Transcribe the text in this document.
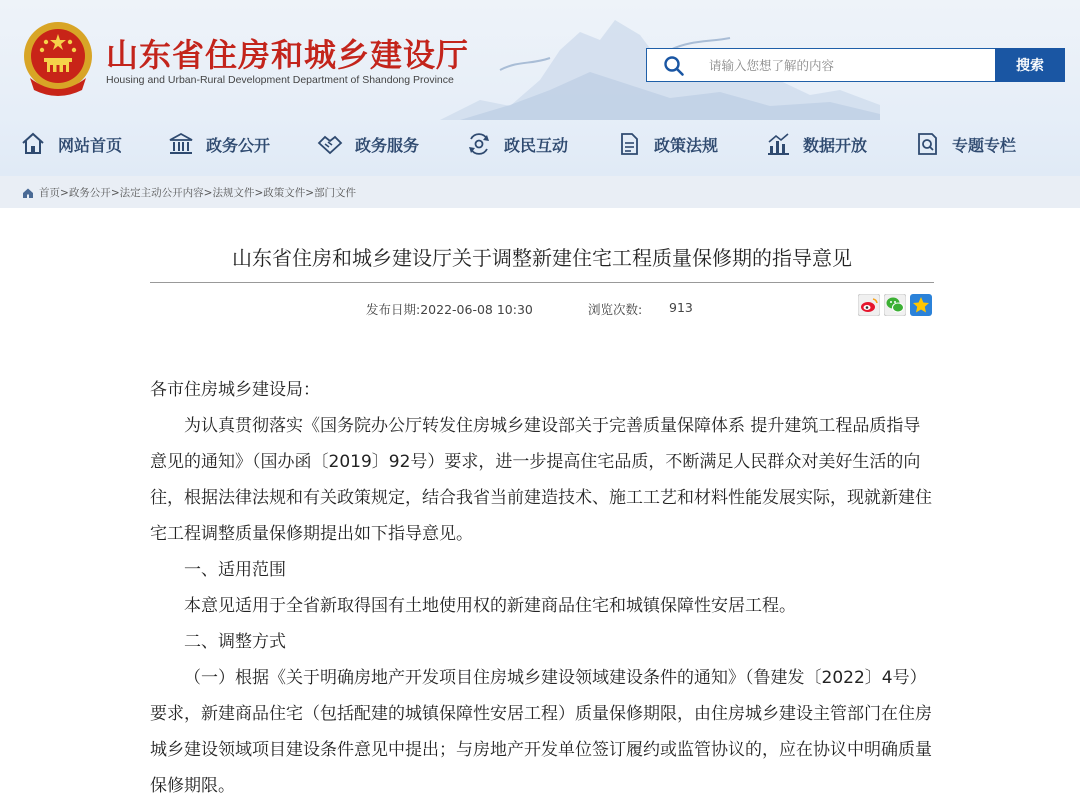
山东省住房和城乡建设厅
Housing and Urban-Rural Development Department of Shandong Province
请输入您想了解的内容
搜索
网站首页	政务公开	政务服务	政民互动	政策法规	数据开放	专题专栏
首页 > 政务公开 > 法定主动公开内容 > 法规文件 > 政策文件 > 部门文件
山东省住房和城乡建设厅关于调整新建住宅工程质量保修期的指导意见
发布日期:2022-06-08 10:30	浏览次数: 913

各市住房城乡建设局：

为认真贯彻落实《国务院办公厅转发住房城乡建设部关于完善质量保障体系 提升建筑工程品质指导意见的通知》（国办函〔2019〕92号）要求，进一步提高住宅品质，不断满足人民群众对美好生活的向往，根据法律法规和有关政策规定，结合我省当前建造技术、施工工艺和材料性能发展实际，现就新建住宅工程调整质量保修期提出如下指导意见。

一、适用范围

本意见适用于全省新取得国有土地使用权的新建商品住宅和城镇保障性安居工程。

二、调整方式

（一）根据《关于明确房地产开发项目住房城乡建设领域建设条件的通知》（鲁建发〔2022〕4号）要求，新建商品住宅（包括配建的城镇保障性安居工程）质量保修期限，由住房城乡建设主管部门在住房城乡建设领域项目建设条件意见中提出；与房地产开发单位签订履约或监管协议的，应在协议中明确质量保修期限。
